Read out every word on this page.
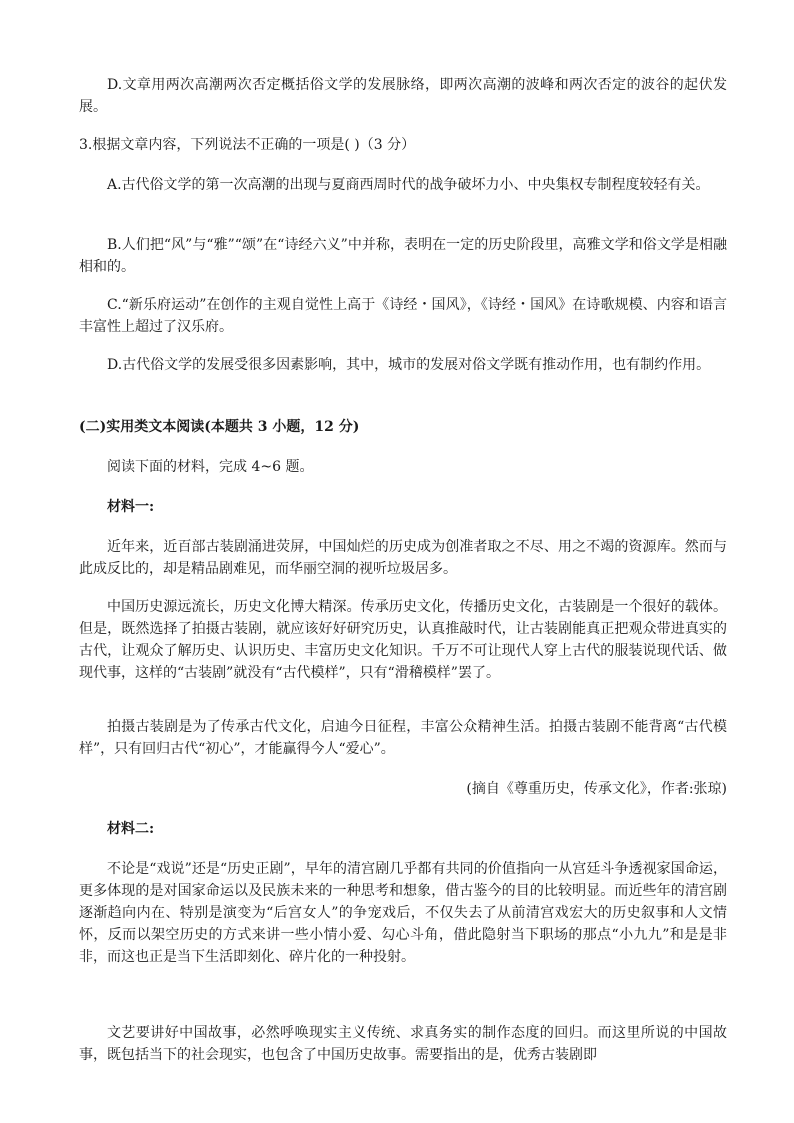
D.文章用两次高潮两次否定概括俗文学的发展脉络，即两次高潮的波峰和两次否定的波谷的起伏发展。

3.根据文章内容，下列说法不正确的一项是( )（3 分）

A.古代俗文学的第一次高潮的出现与夏商西周时代的战争破坏力小、中央集权专制程度较轻有关。

B.人们把“风”与“雅”“颂”在“诗经六义”中并称，表明在一定的历史阶段里，高雅文学和俗文学是相融相和的。

C.“新乐府运动”在创作的主观自觉性上高于《诗经・国风》，《诗经・国风》在诗歌规模、内容和语言丰富性上超过了汉乐府。

D.古代俗文学的发展受很多因素影响，其中，城市的发展对俗文学既有推动作用，也有制约作用。

(二)实用类文本阅读(本题共 3 小题，12 分)

阅读下面的材料，完成 4~6 题。

材料一:

近年来，近百部古装剧涌进荧屏，中国灿烂的历史成为创准者取之不尽、用之不竭的资源库。然而与此成反比的，却是精品剧难见，而华丽空洞的视听垃圾居多。

中国历史源远流长，历史文化博大精深。传承历史文化，传播历史文化，古装剧是一个很好的载体。但是，既然选择了拍摄古装剧，就应该好好研究历史，认真推敲时代，让古装剧能真正把观众带进真实的古代，让观众了解历史、认识历史、丰富历史文化知识。千万不可让现代人穿上古代的服装说现代话、做现代事，这样的“古装剧”就没有“古代模样”，只有“滑稽模样”罢了。

拍摄古装剧是为了传承古代文化，启迪今日征程，丰富公众精神生活。拍摄古装剧不能背离“古代模样”，只有回归古代“初心”，才能赢得今人“爱心”。

(摘自《尊重历史，传承文化》，作者:张琼)

材料二:

不论是“戏说”还是“历史正剧”，早年的清宫剧几乎都有共同的价值指向一从宫廷斗争透视家国命运，更多体现的是对国家命运以及民族未来的一种思考和想象，借古鉴今的目的比较明显。而近些年的清宫剧逐渐趋向内在、特别是演变为“后宫女人”的争宠戏后，不仅失去了从前清宫戏宏大的历史叙事和人文情怀，反而以架空历史的方式来讲一些小情小爱、勾心斗角，借此隐射当下职场的那点“小九九”和是是非非，而这也正是当下生活即刻化、碎片化的一种投射。

文艺要讲好中国故事，必然呼唤现实主义传统、求真务实的制作态度的回归。而这里所说的中国故事，既包括当下的社会现实，也包含了中国历史故事。需要指出的是，优秀古装剧即
